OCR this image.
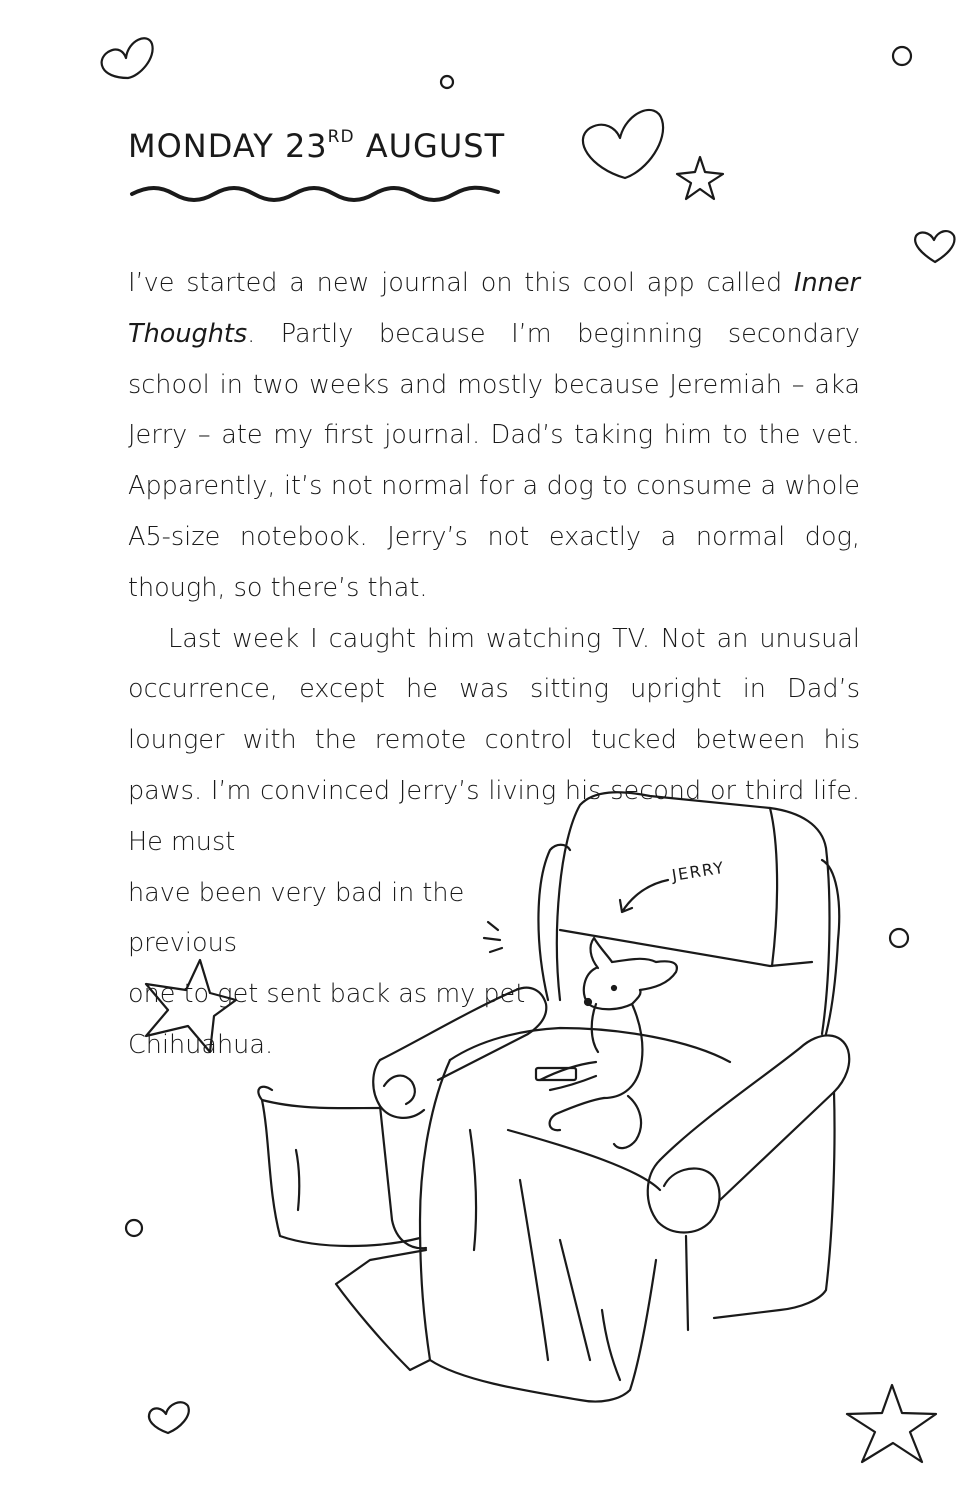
MONDAY 23RD AUGUST

I’ve started a new journal on this cool app called Inner Thoughts. Partly because I’m beginning secondary school in two weeks and mostly because Jeremiah – aka Jerry – ate my first journal. Dad’s taking him to the vet. Apparently, it’s not normal for a dog to consume a whole A5-size notebook. Jerry’s not exactly a normal dog, though, so there’s that.

Last week I caught him watching TV. Not an unusual occurrence, except he was sitting upright in Dad’s lounger with the remote control tucked between his paws. I’m convinced Jerry’s living his second or third life. He must

have been very bad in the previous
one to get sent back as my pet
Chihuahua.
JERRY
